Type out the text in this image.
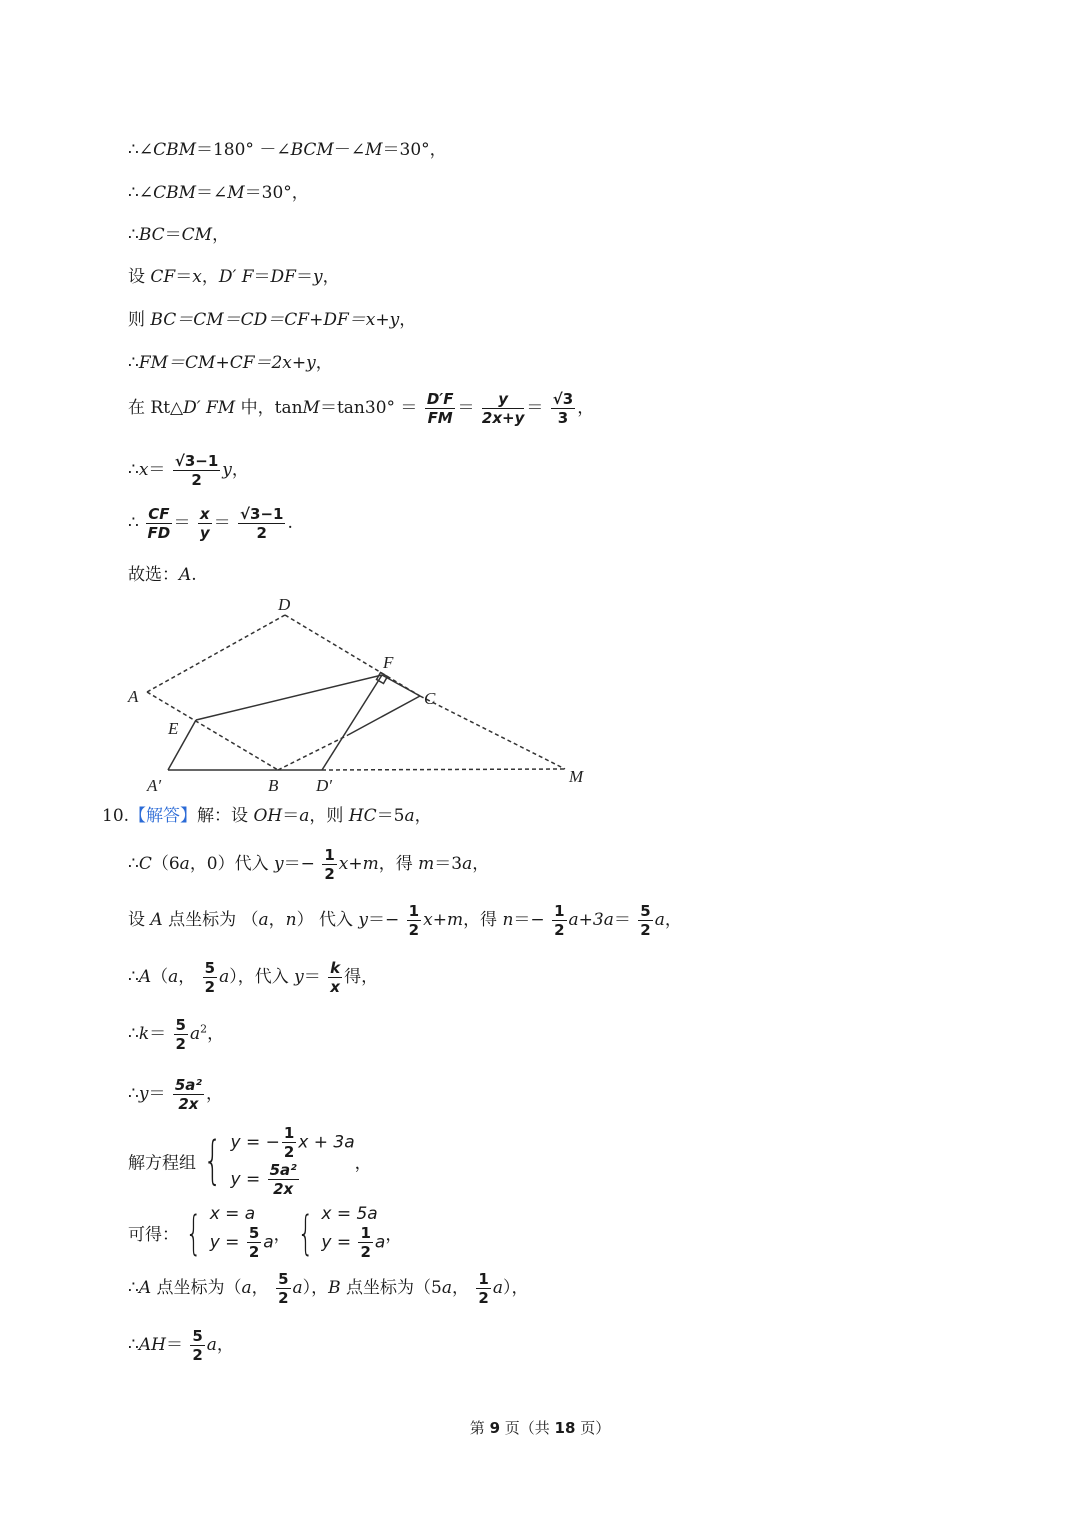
∴∠CBM＝180° －∠BCM－∠M＝30°，
∴∠CBM＝∠M＝30°，
∴BC＝CM，
设 CF＝x，D′ F＝DF＝y，
则 BC＝CM＝CD＝CF+DF＝x+y，
∴FM＝CM+CF＝2x+y，
在 Rt△D′ FM 中，$\tan M=\tan 30^\circ = \frac{D'F}{FM} = \frac{y}{2x+y} = \frac{√3}{3}$ ，
∴x＝ $\frac{√3-1}{2}$ y，
∴ $\frac{CF}{FD} = \frac{x}{y} = \frac{√3-1}{2}$ .
故选：A.
D
F
A	C
E
A′	B D′	M
10.【解答】解：设 OH＝a，则 HC＝5a，
∴C（6a，0）代入 $y=- \frac{1}{2} x+m$，得 m＝3a，
设 A 点坐标为 （a，n） 代入 $y=- \frac{1}{2} x+m$，得 $n=- \frac{1}{2} a+3a= \frac{5}{2}$ a，
∴A（a， $\frac{5}{2} a$），代入 $y= \frac{k}{x}$ 得，
∴k＝ $\frac{5}{2} a^2$，
∴y＝ $\frac{\text{5a²}}{2x}$ ，
解方程组 { y = − $\frac{1}{2}$ x + 3a
$y = \frac{\text{5a²}}{2x}$	，
可得： { x = a
$y = \frac{5}{2}$ a ， { x = 5a
$y = \frac{1}{2}$ a ，
∴A 点坐标为（a， $\frac{5}{2} a$），B 点坐标为（5a， $\frac{1}{2} a$），
∴AH＝ $\frac{5}{2}$ a，
第 9 页（共 18 页）
